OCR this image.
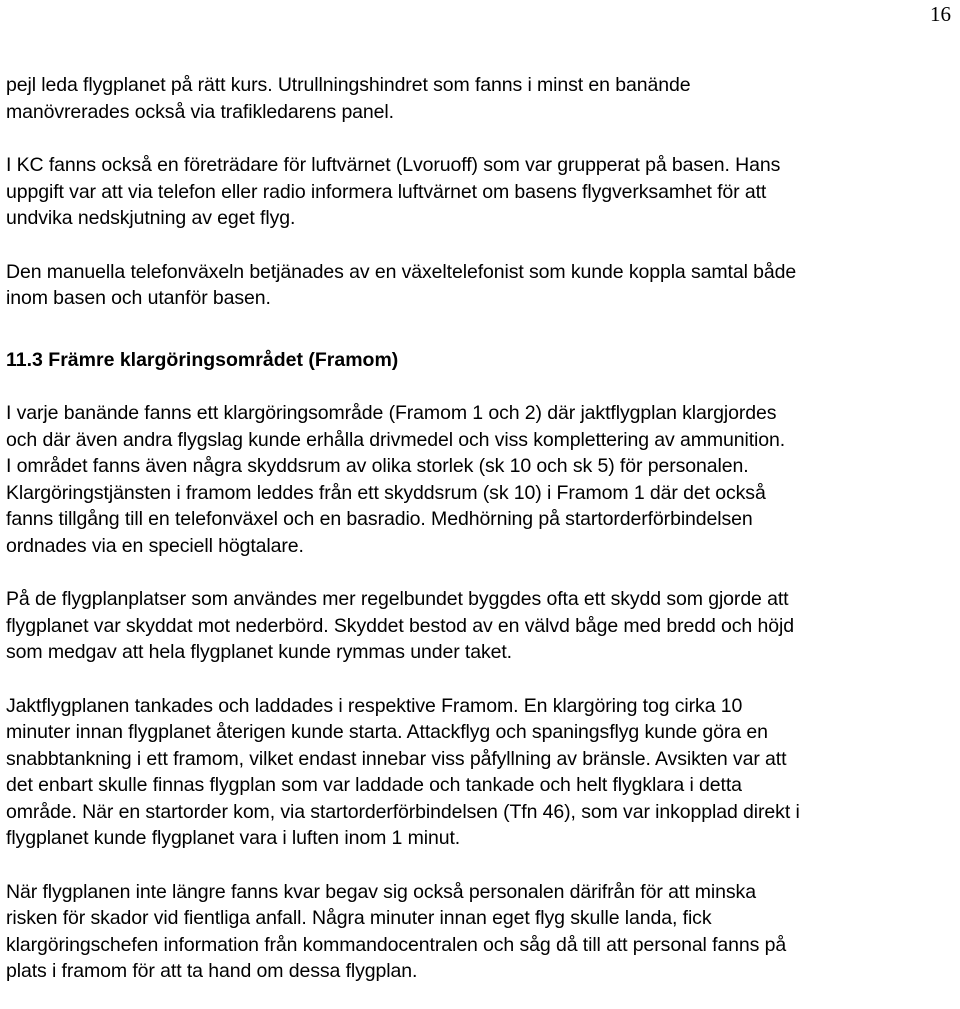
16

pejl leda flygplanet på rätt kurs. Utrullningshindret som fanns i minst en banände
manövrerades också via trafikledarens panel.

I KC fanns också en företrädare för luftvärnet (Lvoruoff) som var grupperat på basen. Hans
uppgift var att via telefon eller radio informera luftvärnet om basens flygverksamhet för att
undvika nedskjutning av eget flyg.

Den manuella telefonväxeln betjänades av en växeltelefonist som kunde koppla samtal både
inom basen och utanför basen.

11.3 Främre klargöringsområdet (Framom)

I varje banände fanns ett klargöringsområde (Framom 1 och 2) där jaktflygplan klargjordes
och där även andra flygslag kunde erhålla drivmedel och viss komplettering av ammunition.
I området fanns även några skyddsrum av olika storlek (sk 10 och sk 5) för personalen.
Klargöringstjänsten i framom leddes från ett skyddsrum (sk 10) i Framom 1 där det också
fanns tillgång till en telefonväxel och en basradio. Medhörning på startorderförbindelsen
ordnades via en speciell högtalare.

På de flygplanplatser som användes mer regelbundet byggdes ofta ett skydd som gjorde att
flygplanet var skyddat mot nederbörd. Skyddet bestod av en välvd båge med bredd och höjd
som medgav att hela flygplanet kunde rymmas under taket.

Jaktflygplanen tankades och laddades i respektive Framom. En klargöring tog cirka 10
minuter innan flygplanet återigen kunde starta. Attackflyg och spaningsflyg kunde göra en
snabbtankning i ett framom, vilket endast innebar viss påfyllning av bränsle. Avsikten var att
det enbart skulle finnas flygplan som var laddade och tankade och helt flygklara i detta
område. När en startorder kom, via startorderförbindelsen (Tfn 46), som var inkopplad direkt i
flygplanet kunde flygplanet vara i luften inom 1 minut.

När flygplanen inte längre fanns kvar begav sig också personalen därifrån för att minska
risken för skador vid fientliga anfall. Några minuter innan eget flyg skulle landa, fick
klargöringschefen information från kommandocentralen och såg då till att personal fanns på
plats i framom för att ta hand om dessa flygplan.
